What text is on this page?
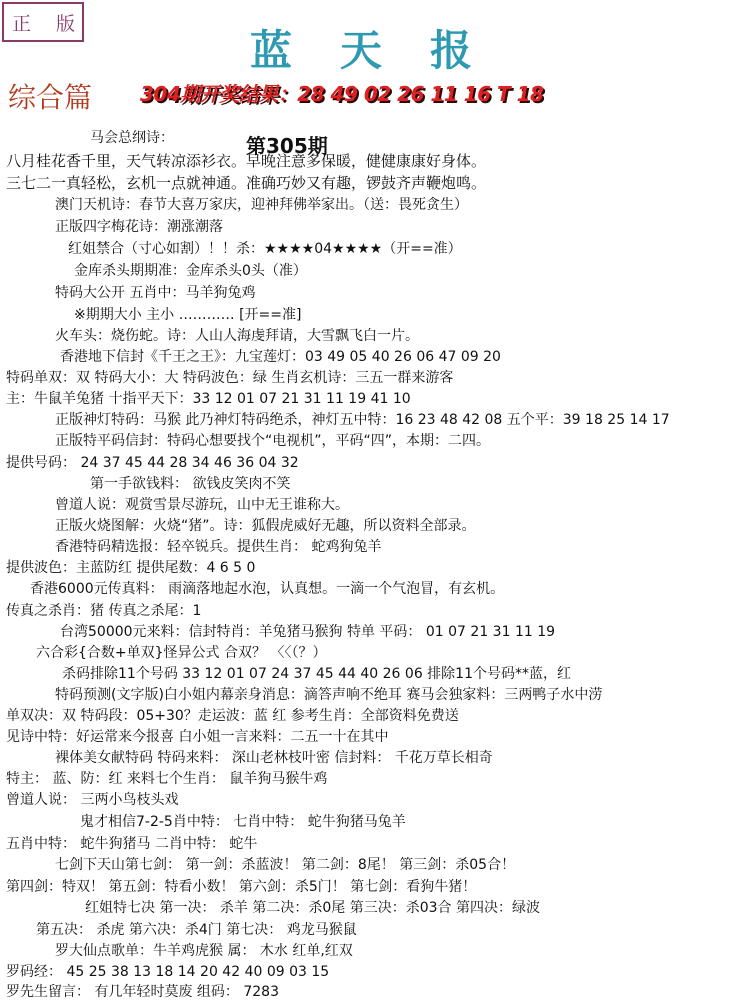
正 版
蓝天报
综合篇 304期开奖结果：28 49 02 26 11 16 T 18
第305期
马会总纲诗：
八月桂花香千里，天气转凉添衫衣。早晚注意多保暖，健健康康好身体。
三七二一真轻松，玄机一点就神通。准确巧妙又有趣，锣鼓齐声鞭炮鸣。
澳门天机诗：春节大喜万家庆，迎神拜佛举家出。（送：畏死贪生）
正版四字梅花诗：潮涨潮落
红姐禁合（寸心如割）！！杀：★★★★04★★★★（开==准）
金库杀头期期准：金库杀头0头（准）
特码大公开 五肖中：马羊狗兔鸡
※期期大小 主小 ………… [开==准]
火车头：烧伤蛇。诗：人山人海虔拜请，大雪飘飞白一片。
香港地下信封《千王之王》：九宝莲灯：03 49 05 40 26 06 47 09 20
特码单双：双 特码大小：大 特码波色：绿 生肖玄机诗：三五一群来游客
主：牛鼠羊兔猪 十指平天下：33 12 01 07 21 31 11 19 41 10
正版神灯特码：马猴 此乃神灯特码绝杀，神灯五中特：16 23 48 42 08 五个平：39 18 25 14 17
正版特平码信封：特码心想要找个“电视机”，平码“四”，本期：二四。
提供号码： 24 37 45 44 28 34 46 36 04 32
第一手欲钱料： 欲钱皮笑肉不笑
曾道人说：观赏雪景尽游玩，山中无王谁称大。
正版火烧图解：火烧“猪”。诗：狐假虎威好无趣，所以资料全部录。
香港特码精选报：轻卒锐兵。提供生肖： 蛇鸡狗兔羊
提供波色：主蓝防红 提供尾数：4 6 5 0
香港6000元传真料： 雨滴落地起水泡，认真想。一滴一个气泡冒，有玄机。
传真之杀肖：猪 传真之杀尾：1
台湾50000元来料：信封特肖：羊兔猪马猴狗 特单 平码： 01 07 21 31 11 19
六合彩{合数+单双}怪异公式 合双？ 〈〈（？）
杀码排除11个号码 33 12 01 07 24 37 45 44 40 26 06 排除11个号码**蓝，红
特码预测(文字版)白小姐内幕亲身消息：滴答声响不绝耳 赛马会独家料：三两鸭子水中涝
单双决：双 特码段：05+30？走运波：蓝 红 参考生肖：全部资料免费送
见诗中特：好运常来今报喜 白小姐一言来料：二五一十在其中
裸体美女献特码 特码来料： 深山老林枝叶密 信封料： 千花万草长相奇
特主： 蓝、防：红 来料七个生肖： 鼠羊狗马猴牛鸡
曾道人说： 三两小鸟枝头戏
鬼才相信7-2-5肖中特： 七肖中特： 蛇牛狗猪马兔羊
五肖中特： 蛇牛狗猪马 二肖中特： 蛇牛
七剑下天山第七剑： 第一剑：杀蓝波！ 第二剑：8尾！ 第三剑：杀05合！
第四剑：特双！ 第五剑：特看小数！ 第六剑：杀5门！ 第七剑：看狗牛猪！
红姐特七决 第一决： 杀羊 第二决：杀0尾 第三决：杀03合 第四决：绿波
第五决： 杀虎 第六决：杀4门 第七决： 鸡龙马猴鼠
罗大仙点歌单：牛羊鸡虎猴 属： 木水 红单,红双
罗码经： 45 25 38 13 18 14 20 42 40 09 03 15
罗先生留言： 有几年轻时莫废 组码： 7283
